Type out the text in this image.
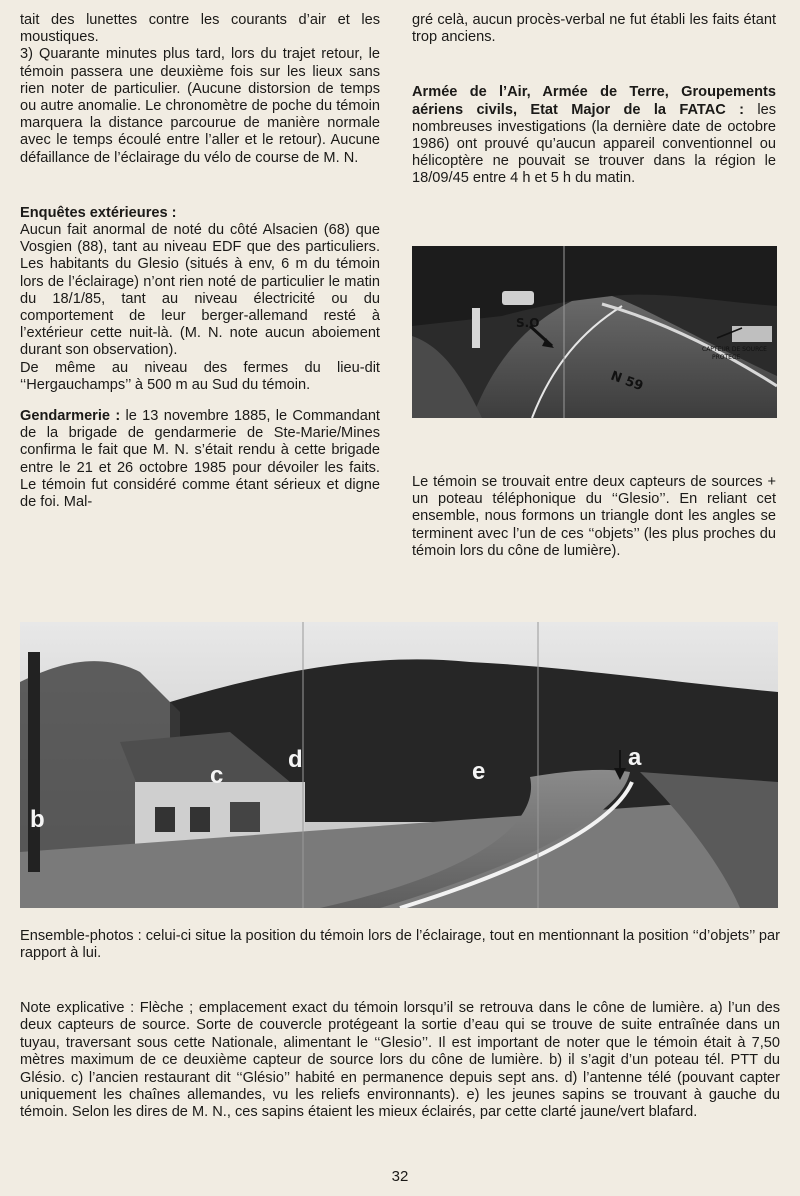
tait des lunettes contre les courants d’air et les moustiques.

3) Quarante minutes plus tard, lors du trajet retour, le témoin passera une deuxième fois sur les lieux sans rien noter de particulier. (Aucune distorsion de temps ou autre anomalie. Le chronomètre de poche du témoin marquera la distance parcourue de manière normale avec le temps écoulé entre l’aller et le retour). Aucune défaillance de l’éclairage du vélo de course de M. N.

Enquêtes extérieures :

Aucun fait anormal de noté du côté Alsacien (68) que Vosgien (88), tant au niveau EDF que des particuliers. Les habitants du Glesio (situés à env, 6 m du témoin lors de l’éclairage) n’ont rien noté de particulier le matin du 18/1/85, tant au niveau électricité ou du comportement de leur berger-allemand resté à l’extérieur cette nuit-là. (M. N. note aucun aboiement durant son observation).

De même au niveau des fermes du lieu-dit ‘‘Hergauchamps’’ à 500 m au Sud du témoin.

Gendarmerie : le 13 novembre 1885, le Commandant de la brigade de gendarmerie de Ste-Marie/Mines confirma le fait que M. N. s’était rendu à cette brigade entre le 21 et 26 octobre 1985 pour dévoiler les faits. Le témoin fut considéré comme étant sérieux et digne de foi. Mal-

gré celà, aucun procès-verbal ne fut établi les faits étant trop anciens.

Armée de l’Air, Armée de Terre, Groupements aériens civils, Etat Major de la FATAC : les nombreuses investigations (la dernière date de octobre 1986) ont prouvé qu’aucun appareil conventionnel ou hélicoptère ne pouvait se trouver dans la région le 18/09/45 entre 4 h et 5 h du matin.

S.O
N 59
CAPTEUR DE SOURCE
PROTEGE

Le témoin se trouvait entre deux capteurs de sources + un poteau téléphonique du ‘‘Glesio’’. En reliant cet ensemble, nous formons un triangle dont les angles se terminent avec l’un de ces ‘‘objets’’ (les plus proches du témoin lors du cône de lumière).

a
b
c
d	e
Ensemble-photos : celui-ci situe la position du témoin lors de l’éclairage, tout en mentionnant la position ‘‘d’objets’’ par rapport à lui.
Note explicative : Flèche ; emplacement exact du témoin lorsqu’il se retrouva dans le cône de lumière. a) l’un des deux capteurs de source. Sorte de couvercle protégeant la sortie d’eau qui se trouve de suite entraînée dans un tuyau, traversant sous cette Nationale, alimentant le ‘‘Glesio’’. Il est important de noter que le témoin était à 7,50 mètres maximum de ce deuxième capteur de source lors du cône de lumière. b) il s’agit d’un poteau tél. PTT du Glésio. c) l’ancien restaurant dit ‘‘Glésio’’ habité en permanence depuis sept ans. d) l’antenne télé (pouvant capter uniquement les chaînes allemandes, vu les reliefs environnants). e) les jeunes sapins se trouvant à gauche du témoin. Selon les dires de M. N., ces sapins étaient les mieux éclairés, par cette clarté jaune/vert blafard.
32
